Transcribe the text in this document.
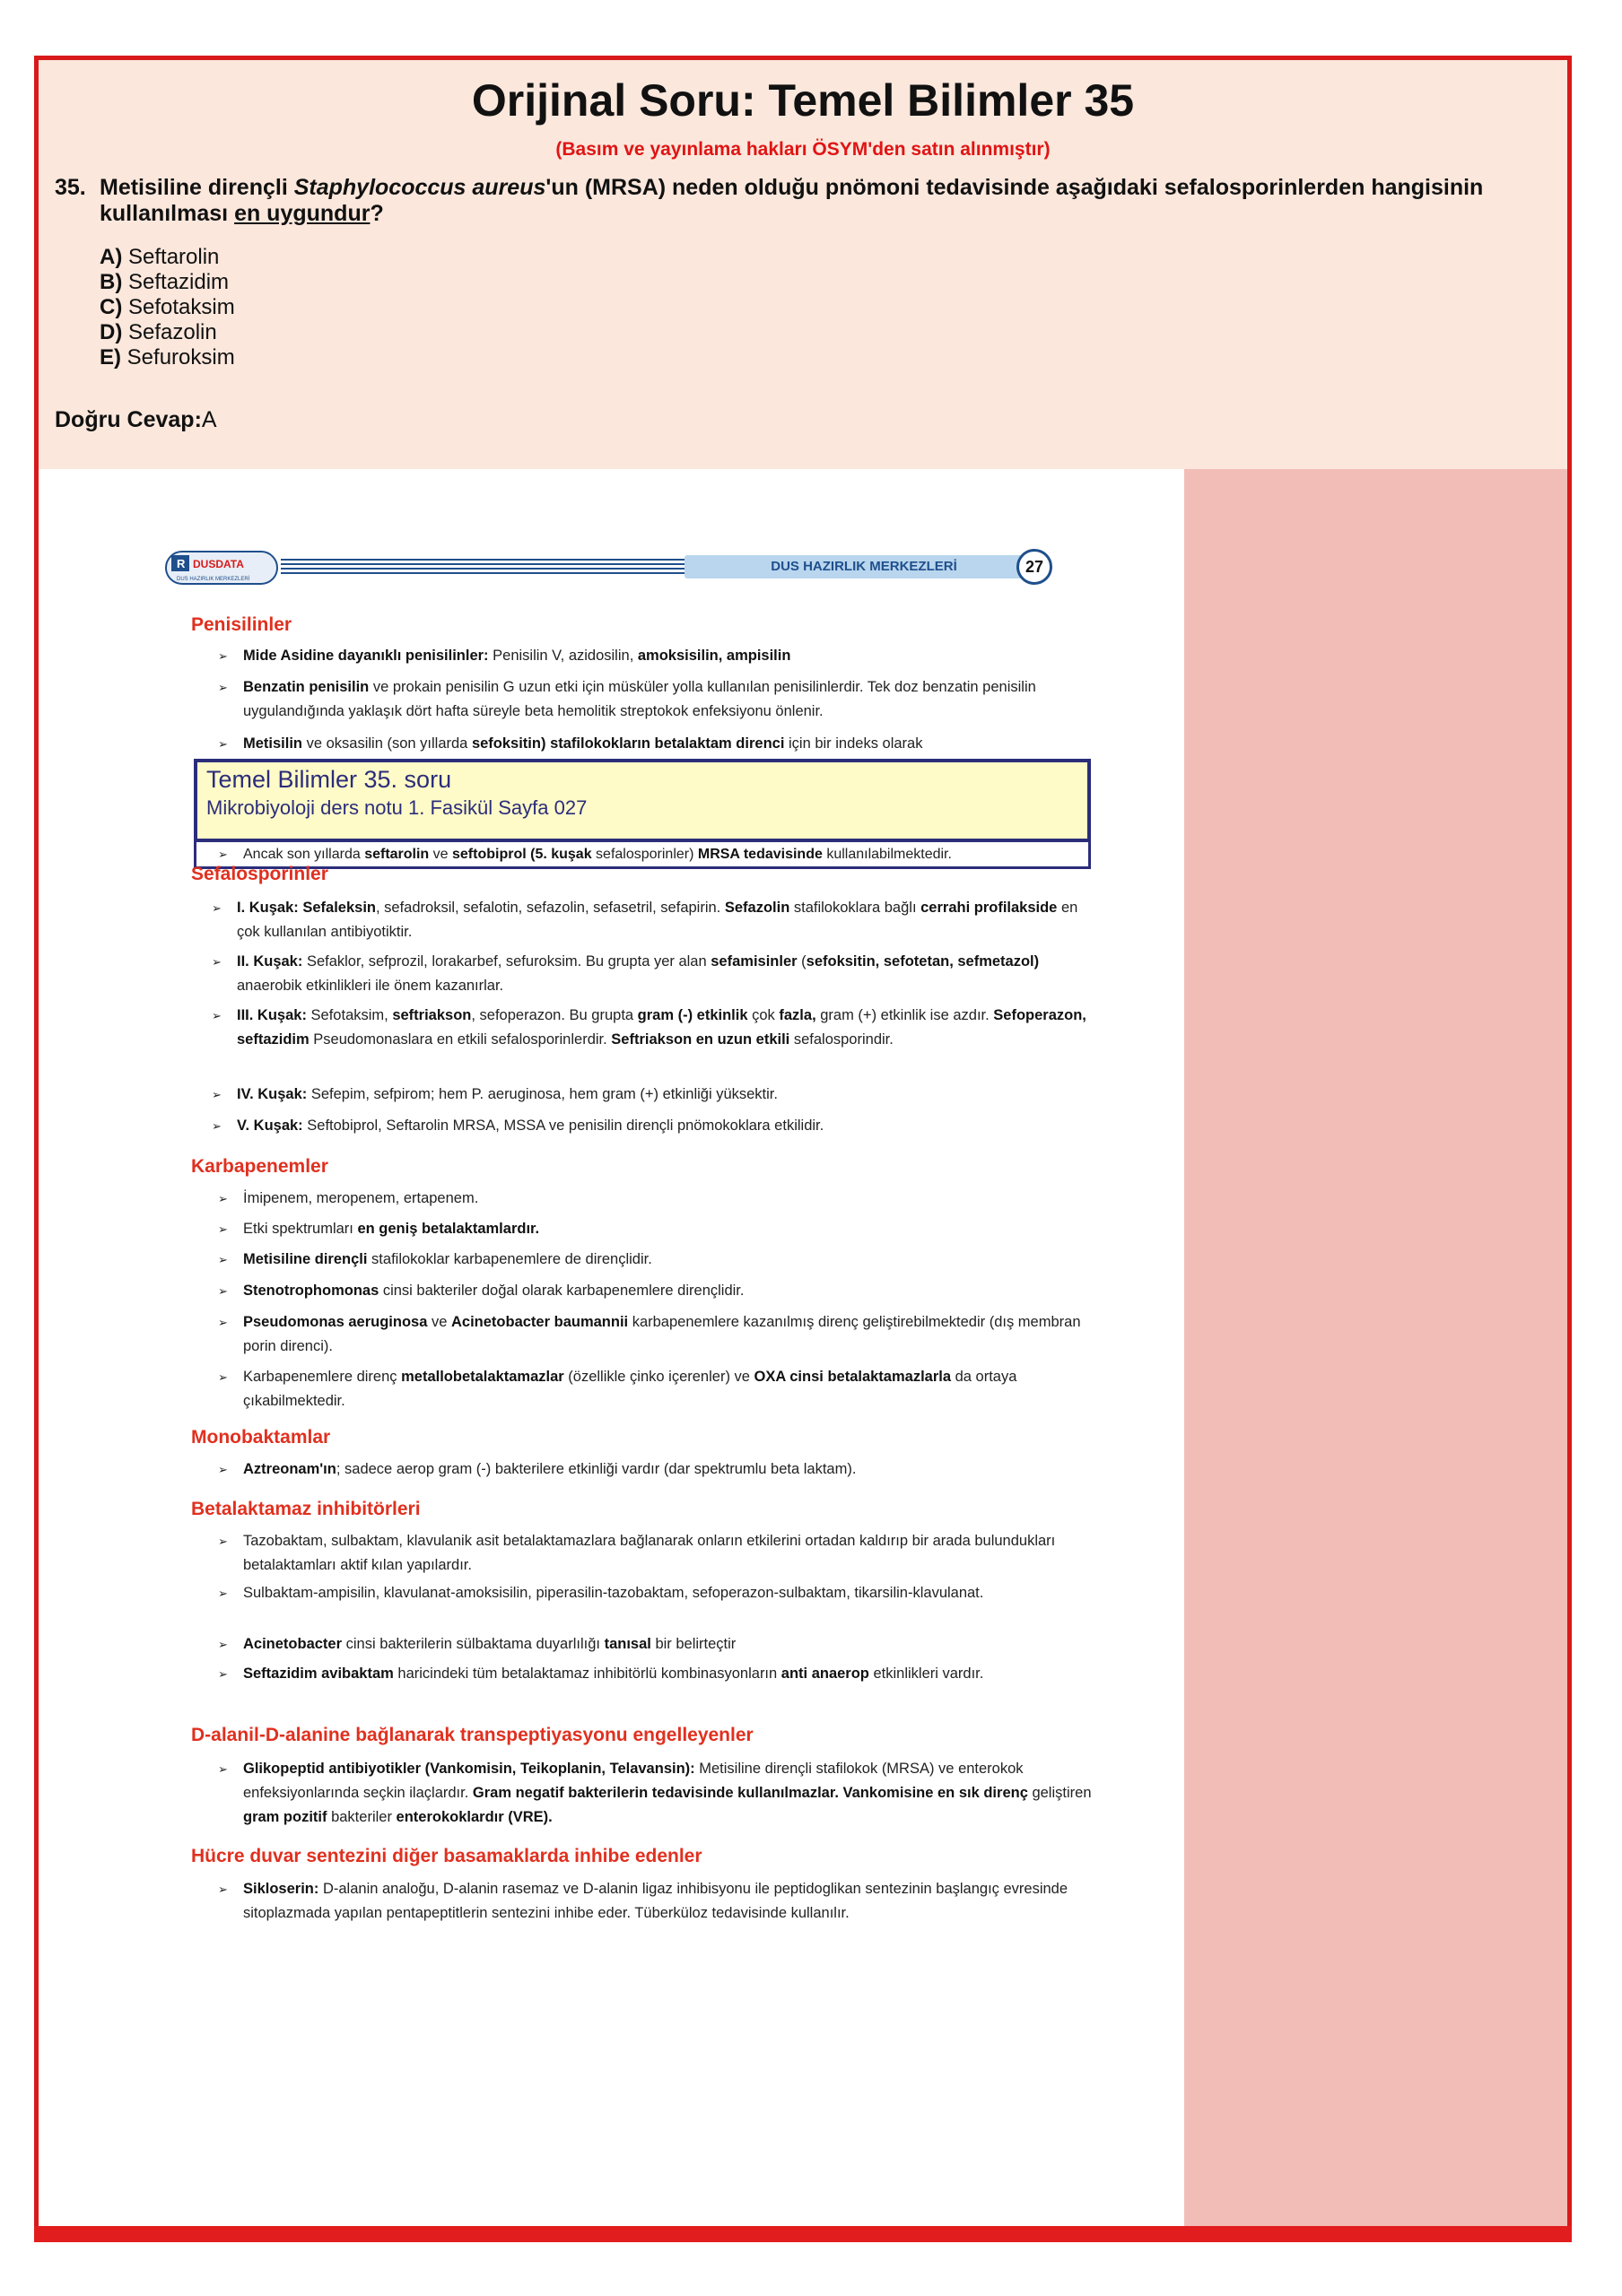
Orijinal Soru: Temel Bilimler 35
(Basım ve yayınlama hakları ÖSYM'den satın alınmıştır)
35. Metisiline dirençli Staphylococcus aureus'un (MRSA) neden olduğu pnömoni tedavisinde aşağıdaki sefalosporinlerden hangisinin kullanılması en uygundur?
A) Seftarolin
B) Seftazidim
C) Sefotaksim
D) Sefazolin
E) Sefuroksim
Doğru Cevap:A
R DUSDATA
DUS HAZIRLIK MERKEZLERİ
DUS HAZIRLIK MERKEZLERİ	27
Penisilinler
➢ Mide Asidine dayanıklı penisilinler: Penisilin V, azidosilin, amoksisilin, ampisilin
➢ Benzatin penisilin ve prokain penisilin G uzun etki için müsküler yolla kullanılan penisilinlerdir. Tek doz benzatin penisilin uygulandığında yaklaşık dört hafta süreyle beta hemolitik streptokok enfeksiyonu önlenir.
➢ Metisilin ve oksasilin (son yıllarda sefoksitin) stafilokokların betalaktam direnci için bir indeks olarak
Temel Bilimler 35. soru
Mikrobiyoloji ders notu 1. Fasikül Sayfa 027
➢ Ancak son yıllarda seftarolin ve seftobiprol (5. kuşak sefalosporinler) MRSA tedavisinde kullanılabilmektedir.
Sefalosporinler
➢ I. Kuşak: Sefaleksin, sefadroksil, sefalotin, sefazolin, sefasetril, sefapirin. Sefazolin stafilokoklara bağlı cerrahi profilakside en çok kullanılan antibiyotiktir.
➢ II. Kuşak: Sefaklor, sefprozil, lorakarbef, sefuroksim. Bu grupta yer alan sefamisinler (sefoksitin, sefotetan, sefmetazol) anaerobik etkinlikleri ile önem kazanırlar.
➢ III. Kuşak: Sefotaksim, seftriakson, sefoperazon. Bu grupta gram (-) etkinlik çok fazla, gram (+) etkinlik ise azdır. Sefoperazon, seftazidim Pseudomonaslara en etkili sefalosporinlerdir. Seftriakson en uzun etkili sefalosporindir.
➢ IV. Kuşak: Sefepim, sefpirom; hem P. aeruginosa, hem gram (+) etkinliği yüksektir.
➢ V. Kuşak: Seftobiprol, Seftarolin MRSA, MSSA ve penisilin dirençli pnömokoklara etkilidir.
Karbapenemler
➢ İmipenem, meropenem, ertapenem.
➢ Etki spektrumları en geniş betalaktamlardır.
➢ Metisiline dirençli stafilokoklar karbapenemlere de dirençlidir.
➢ Stenotrophomonas cinsi bakteriler doğal olarak karbapenemlere dirençlidir.
➢ Pseudomonas aeruginosa ve Acinetobacter baumannii karbapenemlere kazanılmış direnç geliştirebilmektedir (dış membran porin direnci).
➢ Karbapenemlere direnç metallobetalaktamazlar (özellikle çinko içerenler) ve OXA cinsi betalaktamazlarla da ortaya çıkabilmektedir.
Monobaktamlar
➢ Aztreonam'ın; sadece aerop gram (-) bakterilere etkinliği vardır (dar spektrumlu beta laktam).
Betalaktamaz inhibitörleri
➢ Tazobaktam, sulbaktam, klavulanik asit betalaktamazlara bağlanarak onların etkilerini ortadan kaldırıp bir arada bulundukları betalaktamları aktif kılan yapılardır.
➢ Sulbaktam-ampisilin, klavulanat-amoksisilin, piperasilin-tazobaktam, sefoperazon-sulbaktam, tikarsilin-klavulanat.
➢ Acinetobacter cinsi bakterilerin sülbaktama duyarlılığı tanısal bir belirteçtir
➢ Seftazidim avibaktam haricindeki tüm betalaktamaz inhibitörlü kombinasyonların anti anaerop etkinlikleri vardır.
D-alanil-D-alanine bağlanarak transpeptiyasyonu engelleyenler
➢ Glikopeptid antibiyotikler (Vankomisin, Teikoplanin, Telavansin): Metisiline dirençli stafilokok (MRSA) ve enterokok enfeksiyonlarında seçkin ilaçlardır. Gram negatif bakterilerin tedavisinde kullanılmazlar. Vankomisine en sık direnç geliştiren gram pozitif bakteriler enterokoklardır (VRE).
Hücre duvar sentezini diğer basamaklarda inhibe edenler
➢ Sikloserin: D-alanin analoğu, D-alanin rasemaz ve D-alanin ligaz inhibisyonu ile peptidoglikan sentezinin başlangıç evresinde sitoplazmada yapılan pentapeptitlerin sentezini inhibe eder. Tüberküloz tedavisinde kullanılır.
